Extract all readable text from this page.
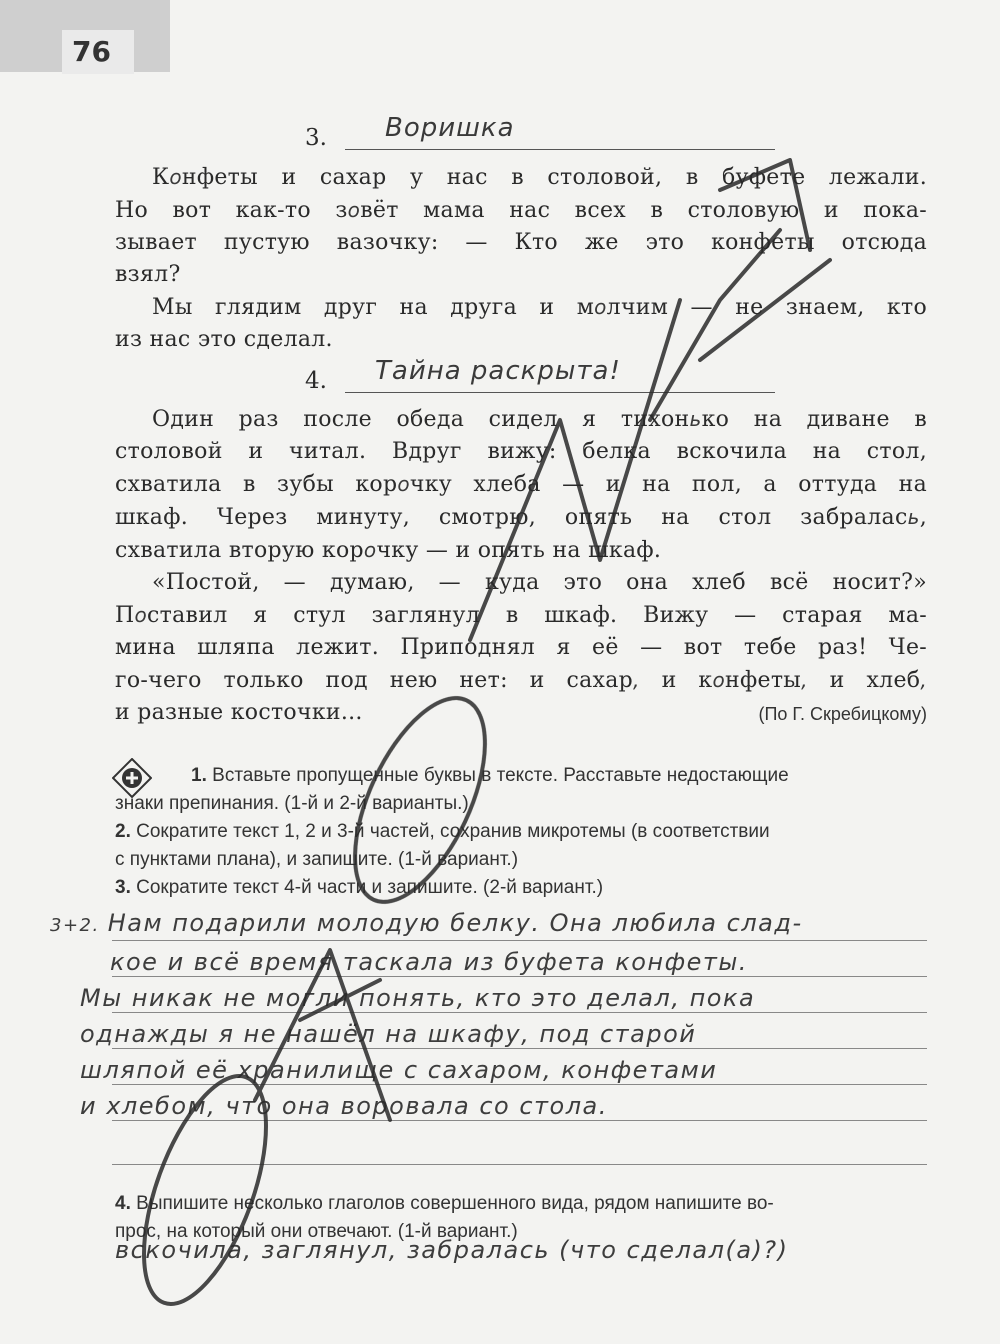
76
3. Воришка
Конфеты и сахар у нас в столовой, в буфете лежали.
Но вот как-то зовёт мама нас всех в столовую и пока-
зывает пустую вазочку: — Кто же это конфеты отсюда
взял?
Мы глядим друг на друга и молчим — не знаем, кто
из нас это сделал.
4. Тайна раскрыта!
Один раз после обеда сидел я тихонько на диване в
столовой и читал. Вдруг вижу: белка вскочила на стол,
схватила в зубы корочку хлеба — и на пол, а оттуда на
шкаф. Через минуту, смотрю, опять на стол забралась,
схватила вторую корочку — и опять на шкаф.
«Постой, — думаю, — куда это она хлеб всё носит?»
Поставил я стул заглянул в шкаф. Вижу — старая ма-
мина шляпа лежит. Приподнял я её — вот тебе раз! Че-
го-чего только под нею нет: и сахар, и конфеты, и хлеб,
и разные косточки...	(По Г. Скребицкому)
1. Вставьте пропущенные буквы в тексте. Расставьте недостающие
знаки препинания. (1-й и 2-й варианты.)
2. Сократите текст 1, 2 и 3-й частей, сохранив микротемы (в соответствии
с пунктами плана), и запишите. (1-й вариант.)
3. Сократите текст 4-й части и запишите. (2-й вариант.)
3+2. Нам подарили молодую белку. Она любила слад-
кое и всё время таскала из буфета конфеты.
Мы никак не могли понять, кто это делал, пока
однажды я не нашёл на шкафу, под старой
шляпой её хранилище с сахаром, конфетами
и хлебом, что она воровала со стола.
4. Выпишите несколько глаголов совершенного вида, рядом напишите во-
прос, на который они отвечают. (1-й вариант.)
вскочила, заглянул, забралась (что сделал(а)?)
